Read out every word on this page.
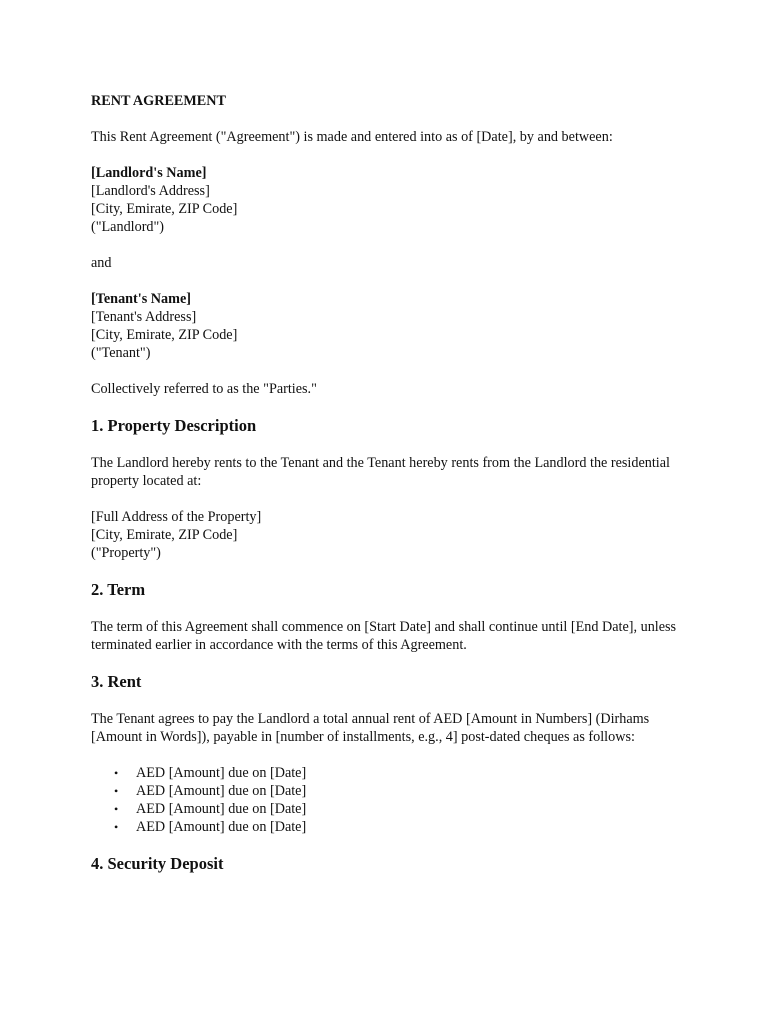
RENT AGREEMENT

This Rent Agreement ("Agreement") is made and entered into as of [Date], by and between:

[Landlord's Name]
[Landlord's Address]
[City, Emirate, ZIP Code]
("Landlord")

and

[Tenant's Name]
[Tenant's Address]
[City, Emirate, ZIP Code]
("Tenant")

Collectively referred to as the "Parties."

1. Property Description

The Landlord hereby rents to the Tenant and the Tenant hereby rents from the Landlord the residential property located at:

[Full Address of the Property]
[City, Emirate, ZIP Code]
("Property")
2. Term

The term of this Agreement shall commence on [Start Date] and shall continue until [End Date], unless terminated earlier in accordance with the terms of this Agreement.

3. Rent

The Tenant agrees to pay the Landlord a total annual rent of AED [Amount in Numbers] (Dirhams [Amount in Words]), payable in [number of installments, e.g., 4] post-dated cheques as follows:

• AED [Amount] due on [Date]
• AED [Amount] due on [Date]
• AED [Amount] due on [Date]
• AED [Amount] due on [Date]
4. Security Deposit
